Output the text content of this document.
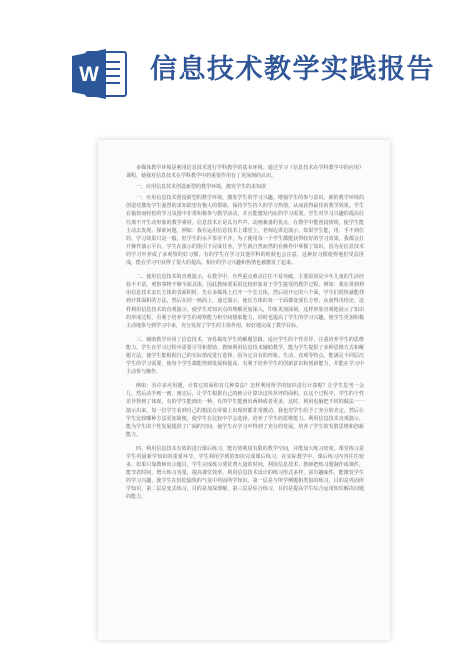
W 信息技术教学实践报告

多媒体教学环境是利用信息技术进行学科教学的基本环境。通过学习《信息技术在学科教学中的应用》课程，使我对信息技术在学科教学中的重要作用有了更深刻的认识。

一、应用信息技术创设新型的教学环境，激发学生的求知欲

一、应用信息技术创设新型的教学环境，激发学生的学习兴趣。增强学生的参与意识。新的教学环境的创造对激发学生强烈的求知欲望有极大的帮助。保持学生持久的学习热情，从而获得最佳的教学效果。学生在愉快而轻松的学习氛围中非常积极参与教学活动，并且能激发内在的学习需要。学生对学习兴趣的提高往往离不开生动形象的教学素材。信息技术正是具有声声、动画兼备的优点，在教学中能创设情境，使学生能主动去发现、探索问题。例如：我在运用信息技术上课堂上，老师边讲边演示，如果学生能，用、手不到位的，学习效果只是一般。但学生的水平参差不齐，为了使用每一个学生都能获得较好的学习效果，我都会打开操作演示平台，学生在演示的指引下完成任务。学生就自然而然的在操作中掌握了知识，因为在信息技术的学习中养成了多观察的好习惯，有的学生在学习其他学科的时候也会注意，这种好习惯使得他们受益匪浅，能在学习中获得了很大的提高。相应的学习兴趣和热情也被激发了起来。

二、使用信息技术的直观演示，在教学中，有些重点难点往往不易突破。主要原因是少年儿童的生活经验不丰富，观察事物不够全面具体，因此教师要采用比较形象易于学生接受的教学过程。例如：我在讲到利用信息技术求长方体的表面积时，先在多媒体上打开一个长方体，然后展开它的六个面，学生们很快就能找到计算面积的方法，然后在同一画面上，通过演示，使长方体的每一个面都变成长方形，从而得出结论，这样利用信息技术的直观演示，使学生对知识点的理解更加深入，印象更加深刻。这样形象直观地展示了知识的形成过程，有利于培养学生的观察能力和空间想象能力，同时也提高了学生的学习兴趣，使学生更加积极主动地参与到学习中来，充分发挥了学生的主体作用，较好地完成了教学目标。

三、辅助教学应用了信息技术，容易揭发学生的解题思路，适应学生的个性差异，注重培养学生的思维能力。学生在学习过程中需要引导和帮助，教师利用信息技术辅助教学，能为学生提供了多种思维方式和解题方法，使学生能根据自己的实际情况进行选择，因为它具有的形象、生动、直观等特点，能满足不同层次学生的学习需要，使每个学生都能得到发展和提高，有利于培养学生的创新意识和创新能力，并能在学习中主动参与操作。

例如：有许多应用题，计算它的面积有几种算法？怎样利用所学的知识进行计算呢？让学生思考一会儿，然后动手画一画，画完后，让学生根据自己的画示计算出这块草坪的面积。在这个过程中，学生的个性差异得到了体现，有的学生能画出一种，有的学生能画出两种或者更多，这时，利用电脑把不同的做法一一演示出来，每一位学生看到自己的想法在屏幕上出现时都非常激动，我也对学生给予了充分的肯定，然后让学生比较哪种方法更加简便，使学生在比较中学会选择，培养了学生的思维能力。利用信息技术直观演示，能为学生的个性发展提供了广阔的空间，使学生在学习中得到了充分的发展，培养了学生的发散思维和创新能力。

四、利用信息技术有效的进行课后练习，能有效利用有限的教学空间，并能加大练习密度。课堂练习是学生巩固新学知识的重要环节，学生利用学到的知识完成课后练习。在实际教学中，课后练习内容往往较多，如果只靠教师出示题目，学生完成练习要花费大量的时间，利用信息技术，教师把练习题制作成课件，能节省时间，增大练习容量，提高课堂效率。利用信息技术设计的练习形式多样，富有趣味性，能激发学生的学习兴趣，使学生在轻松愉快的气氛中巩固所学知识。第一层是与所学例题相类似的练习，目的是巩固所学知识，第二层是变式练习，目的是加深理解，第三层是综合练习，目的是提高学生综合运用知识解决问题的能力。
